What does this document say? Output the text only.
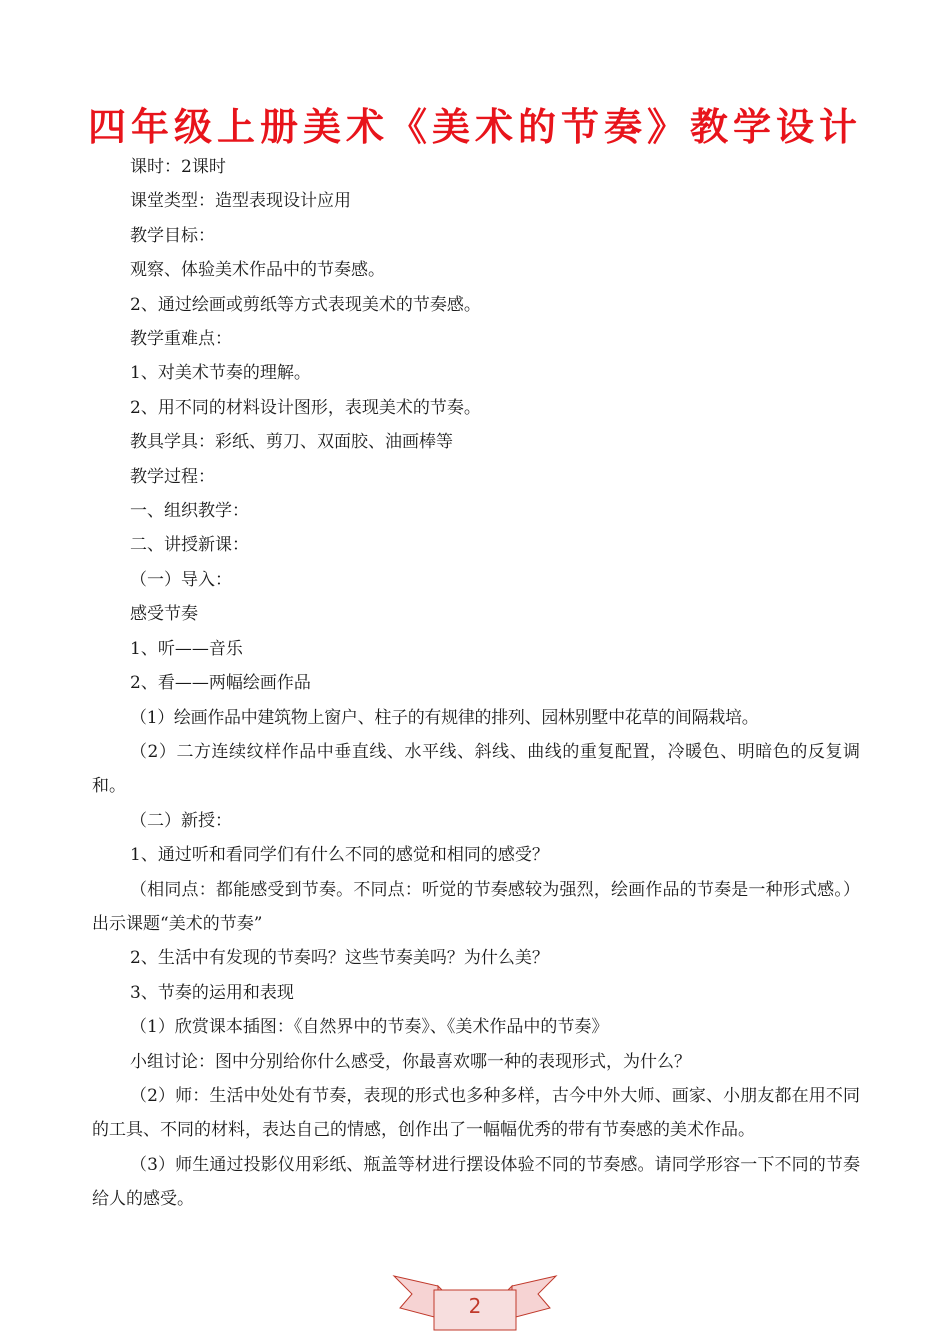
四年级上册美术《美术的节奏》教学设计

课时：2课时

课堂类型：造型表现设计应用

教学目标：

观察、体验美术作品中的节奏感。

2、通过绘画或剪纸等方式表现美术的节奏感。

教学重难点：

1、对美术节奏的理解。

2、用不同的材料设计图形，表现美术的节奏。

教具学具：彩纸、剪刀、双面胶、油画棒等

教学过程：

一、组织教学：

二、讲授新课：

（一）导入：

感受节奏

1、听——音乐

2、看——两幅绘画作品

（1）绘画作品中建筑物上窗户、柱子的有规律的排列、园林别墅中花草的间隔栽培。

（2）二方连续纹样作品中垂直线、水平线、斜线、曲线的重复配置，冷暖色、明暗色的反复调和。

（二）新授：

1、通过听和看同学们有什么不同的感觉和相同的感受？

（相同点：都能感受到节奏。不同点：听觉的节奏感较为强烈，绘画作品的节奏是一种形式感。）出示课题“美术的节奏”

2、生活中有发现的节奏吗？这些节奏美吗？为什么美？

3、节奏的运用和表现

（1）欣赏课本插图：《自然界中的节奏》、《美术作品中的节奏》

小组讨论：图中分别给你什么感受，你最喜欢哪一种的表现形式，为什么？

（2）师：生活中处处有节奏，表现的形式也多种多样，古今中外大师、画家、小朋友都在用不同的工具、不同的材料，表达自己的情感，创作出了一幅幅优秀的带有节奏感的美术作品。

（3）师生通过投影仪用彩纸、瓶盖等材进行摆设体验不同的节奏感。请同学形容一下不同的节奏给人的感受。

2
